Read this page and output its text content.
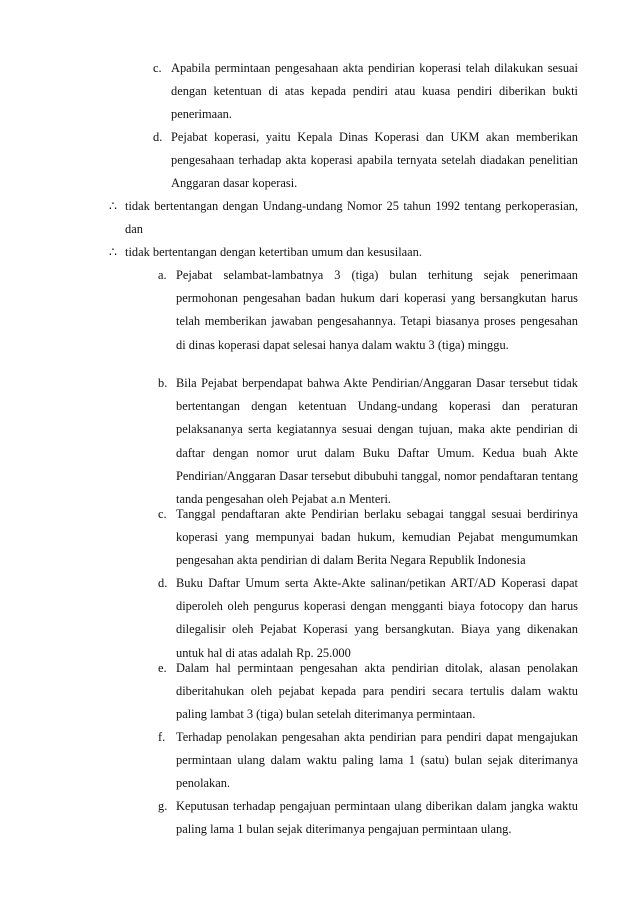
c. Apabila permintaan pengesahaan akta pendirian koperasi telah dilakukan sesuai dengan ketentuan di atas kepada pendiri atau kuasa pendiri diberikan bukti penerimaan.
d. Pejabat koperasi, yaitu Kepala Dinas Koperasi dan UKM akan memberikan pengesahaan terhadap akta koperasi apabila ternyata setelah diadakan penelitian Anggaran dasar koperasi.
∴ tidak bertentangan dengan Undang-undang Nomor 25 tahun 1992 tentang perkoperasian, dan
∴ tidak bertentangan dengan ketertiban umum dan kesusilaan.
a. Pejabat selambat-lambatnya 3 (tiga) bulan terhitung sejak penerimaan permohonan pengesahan badan hukum dari koperasi yang bersangkutan harus telah memberikan jawaban pengesahannya. Tetapi biasanya proses pengesahan di dinas koperasi dapat selesai hanya dalam waktu 3 (tiga) minggu.
b. Bila Pejabat berpendapat bahwa Akte Pendirian/Anggaran Dasar tersebut tidak bertentangan dengan ketentuan Undang-undang koperasi dan peraturan pelaksananya serta kegiatannya sesuai dengan tujuan, maka akte pendirian di daftar dengan nomor urut dalam Buku Daftar Umum. Kedua buah Akte Pendirian/Anggaran Dasar tersebut dibubuhi tanggal, nomor pendaftaran tentang tanda pengesahan oleh Pejabat a.n Menteri.
c. Tanggal pendaftaran akte Pendirian berlaku sebagai tanggal sesuai berdirinya koperasi yang mempunyai badan hukum, kemudian Pejabat mengumumkan pengesahan akta pendirian di dalam Berita Negara Republik Indonesia
d. Buku Daftar Umum serta Akte-Akte salinan/petikan ART/AD Koperasi dapat diperoleh oleh pengurus koperasi dengan mengganti biaya fotocopy dan harus dilegalisir oleh Pejabat Koperasi yang bersangkutan. Biaya yang dikenakan untuk hal di atas adalah Rp. 25.000
e. Dalam hal permintaan pengesahan akta pendirian ditolak, alasan penolakan diberitahukan oleh pejabat kepada para pendiri secara tertulis dalam waktu paling lambat 3 (tiga) bulan setelah diterimanya permintaan.
f. Terhadap penolakan pengesahan akta pendirian para pendiri dapat mengajukan permintaan ulang dalam waktu paling lama 1 (satu) bulan sejak diterimanya penolakan.
g. Keputusan terhadap pengajuan permintaan ulang diberikan dalam jangka waktu paling lama 1 bulan sejak diterimanya pengajuan permintaan ulang.
